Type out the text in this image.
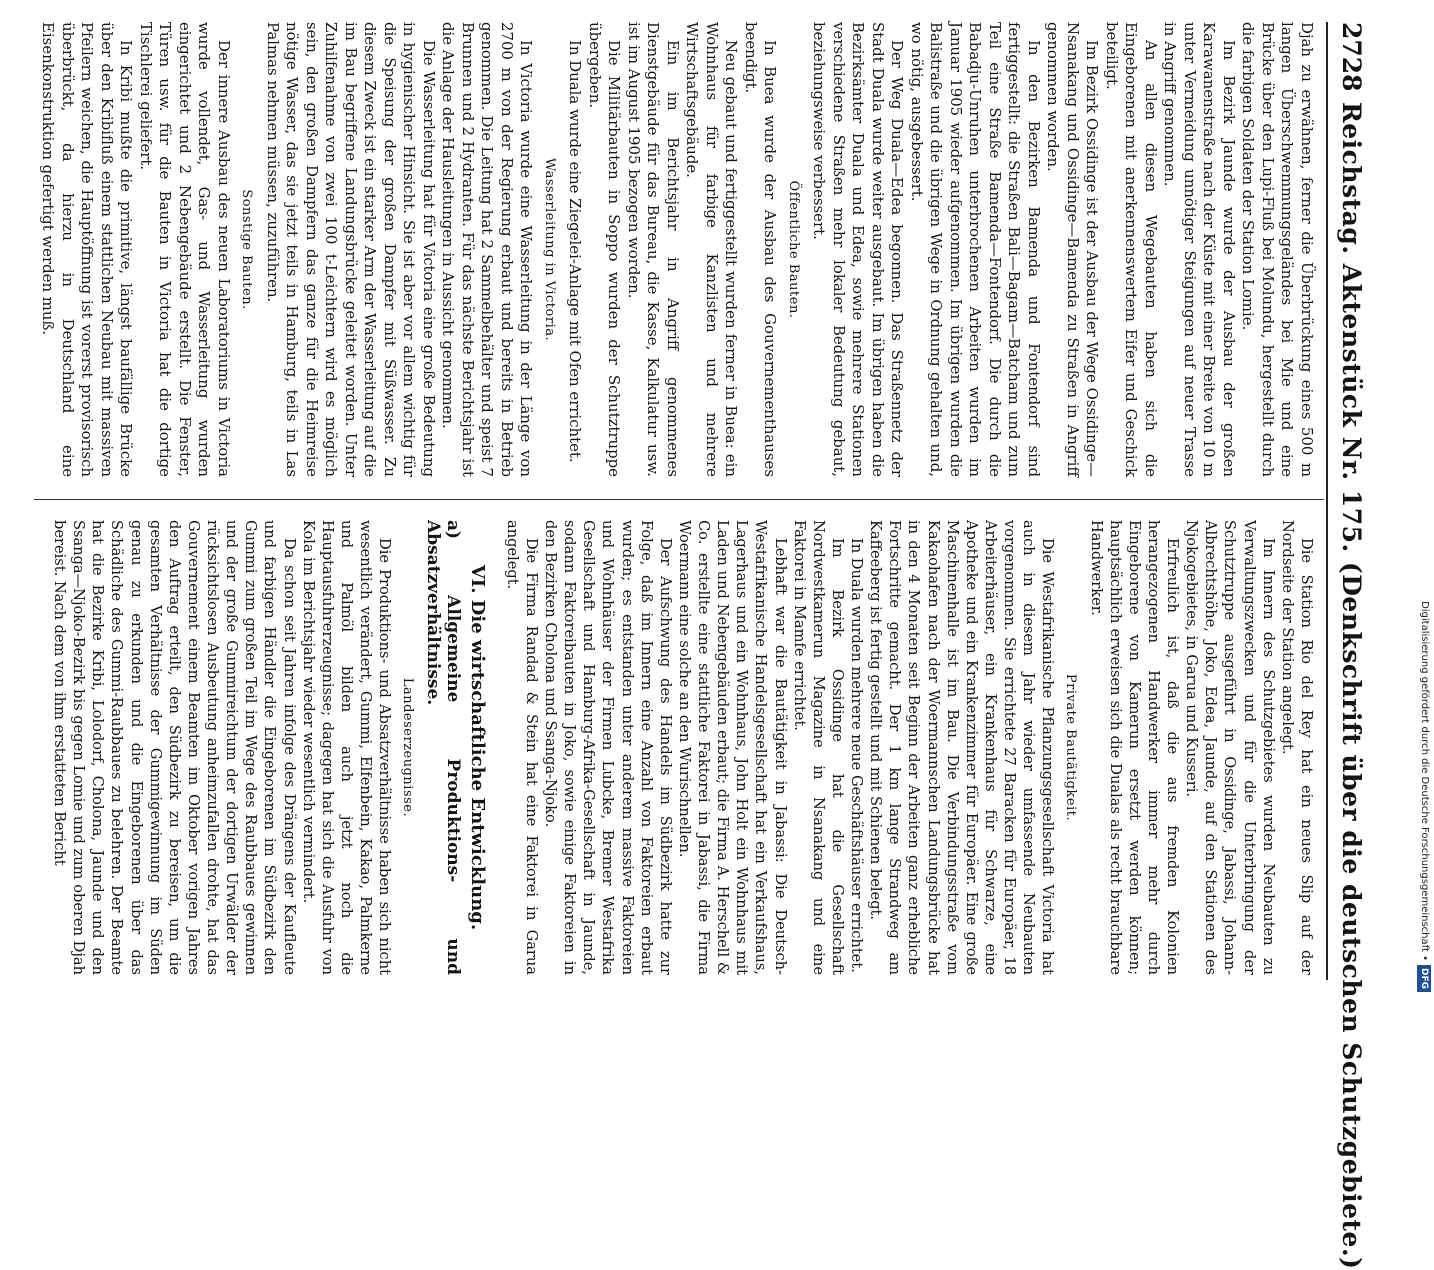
2728
Reichstag. Aktenstück Nr. 175. (Denkschrift über die deutschen Schutzgebiete.)

Djah zu erwähnen, ferner die Überbrückung eines 500 m langen Überschwemmungsgeländes bei Mie und eine Brücke über den Lupi-Fluß bei Molundu, hergestellt durch die farbigen Soldaten der Station Lomie.

Im Bezirk Jaunde wurde der Ausbau der großen Karawanenstraße nach der Küste mit einer Breite von 10 m unter Vermeidung unnötiger Steigungen auf neuer Trasse in Angriff genommen.

An allen diesen Wegebauten haben sich die Eingeborenen mit anerkennenswertem Eifer und Geschick beteiligt.

Im Bezirk Ossidinge ist der Ausbau der Wege Ossidinge—Nsanakang und Ossidinge—Bamenda zu Straßen in Angriff genommen worden.

In den Bezirken Bamenda und Fontendorf sind fertiggestellt: die Straßen Bali—Bagam—Batcham und zum Teil eine Straße Bamenda—Fontendorf. Die durch die Babadju-Unruhen unterbrochenen Arbeiten wurden im Januar 1905 wieder aufgenommen. Im übrigen wurden die Balistraße und die übrigen Wege in Ordnung gehalten und, wo nötig, ausgebessert.

Der Weg Duala—Edea begonnen. Das Straßennetz der Stadt Duala wurde weiter ausgebaut. Im übrigen haben die Bezirksämter Duala und Edea, sowie mehrere Stationen verschiedene Straßen mehr lokaler Bedeutung gebaut, beziehungsweise verbessert.

Öffentliche Bauten.

In Buea wurde der Ausbau des Gouvernementhauses beendigt.

Neu gebaut und fertiggestellt wurden ferner in Buea: ein Wohnhaus für farbige Kanzlisten und mehrere Wirtschaftsgebäude.

Ein im Berichtsjahr in Angriff genommenes Dienstgebäude für das Bureau, die Kasse, Kalkulatur usw. ist im August 1905 bezogen worden.

Die Militärbauten in Soppo wurden der Schutztruppe übergeben.

In Duala wurde eine Ziegelei-Anlage mit Ofen errichtet.

Wasserleitung in Victoria.

In Victoria wurde eine Wasserleitung in der Länge von 2700 m von der Regierung erbaut und bereits in Betrieb genommen. Die Leitung hat 2 Sammelbehälter und speist 7 Brunnen und 2 Hydranten. Für das nächste Berichtsjahr ist die Anlage der Hausleitungen in Aussicht genommen.

Die Wasserleitung hat für Victoria eine große Bedeutung in hygienischer Hinsicht. Sie ist aber vor allem wichtig für die Speisung der großen Dampfer mit Süßwasser. Zu diesem Zweck ist ein starker Arm der Wasserleitung auf die im Bau begriffene Landungsbrücke geleitet worden. Unter Zuhilfenahme von zwei 100 t-Leichtern wird es möglich sein, den großen Dampfern das ganze für die Heimreise nötige Wasser, das sie jetzt teils in Hamburg, teils in Las Palmas nehmen müssen, zuzuführen.

Sonstige Bauten.

Der innere Ausbau des neuen Laboratoriums in Victoria wurde vollendet, Gas- und Wasserleitung wurden eingerichtet und 2 Nebengebäude erstellt. Die Fenster, Türen usw. für die Bauten in Victoria hat die dortige Tischlerei geliefert.

In Kribi mußte die primitive, längst baufällige Brücke über den Kribifluß einem stattlichen Neubau mit massiven Pfeilern weichen, die Hauptöffnung ist vorerst provisorisch überbrückt, da hierzu in Deutschland eine Eisenkonstruktion gefertigt werden muß.

Die Station Rio del Rey hat ein neues Slip auf der Nordseite der Station angelegt.

Im Innern des Schutzgebietes wurden Neubauten zu Verwaltungszwecken und für die Unterbringung der Schutztruppe ausgeführt in Ossidinge, Jabassi, Johann-Albrechtshöhe, Joko, Edea, Jaunde, auf den Stationen des Njokogebietes, in Garua und Kusseri.

Erfreulich ist, daß die aus fremden Kolonien herangezogenen Handwerker immer mehr durch Eingeborene von Kamerun ersetzt werden können; hauptsächlich erweisen sich die Dualas als recht brauchbare Handwerker.

Private Bautätigkeit.

Die Westafrikanische Pflanzungsgesellschaft Victoria hat auch in diesem Jahr wieder umfassende Neubauten vorgenommen. Sie errichtete 27 Baracken für Europäer, 18 Arbeiterhäuser, ein Krankenhaus für Schwarze, eine Apotheke und ein Krankenzimmer für Europäer. Eine große Maschinenhalle ist im Bau. Die Verbindungsstraße vom Kakaohafen nach der Woermannschen Landungsbrücke hat in den 4 Monaten seit Beginn der Arbeiten ganz erhebliche Fortschritte gemacht. Der 1 km lange Strandweg am Kaffeeberg ist fertig gestellt und mit Schienen belegt.

In Duala wurden mehrere neue Geschäftshäuser errichtet.

Im Bezirk Ossidinge hat die Gesellschaft Nordwestkamerun Magazine in Nsanakang und eine Faktorei in Mamfe errichtet.

Lebhaft war die Bautätigkeit in Jabassi: Die Deutsch-Westafrikanische Handelsgesellschaft hat ein Verkaufshaus, Lagerhaus und ein Wohnhaus, John Holt ein Wohnhaus mit Laden und Nebengebäuden erbaut; die Firma A. Herschell & Co. erstellte eine stattliche Faktorei in Jabassi, die Firma Woermann eine solche an den Wurischnellen.

Der Aufschwung des Handels im Südbezirk hatte zur Folge, daß im Innern eine Anzahl von Faktoreien erbaut wurden; es entstanden unter anderem massive Faktoreien und Wohnhäuser der Firmen Lubcke, Bremer Westafrika Gesellschaft und Hamburg-Afrika-Gesellschaft in Jaunde, sodann Faktoreibauten in Joko, sowie einige Faktoreien in den Bezirken Cholona und Ssanga-Njoko.

Die Firma Randad & Stein hat eine Faktorei in Garua angelegt.

VI. Die wirtschaftliche Entwicklung.

a) Allgemeine Produktions- und Absatzverhältnisse.

Landeserzeugnisse.

Die Produktions- und Absatzverhältnisse haben sich nicht wesentlich verändert, Gummi, Elfenbein, Kakao, Palmkerne und Palmöl bilden auch jetzt noch die Hauptausfuhrerzeugnisse; dagegen hat sich die Ausfuhr von Kola im Berichtsjahr wieder wesentlich vermindert.

Da schon seit Jahren infolge des Drängens der Kaufleute und farbigen Händler die Eingeborenen im Südbezirk den Gummi zum großen Teil im Wege des Raubbaues gewinnen und der große Gummireichtum der dortigen Urwälder der rücksichtslosen Ausbeutung anheimzufallen drohte, hat das Gouvernement einem Beamten im Oktober vorigen Jahres den Auftrag erteilt, den Südbezirk zu bereisen, um die gesamten Verhältnisse der Gummigewinnung im Süden genau zu erkunden und die Eingeborenen über das Schädliche des Gummi-Raubbaues zu belehren. Der Beamte hat die Bezirke Kribi, Lolodorf, Cholona, Jaunde und den Ssanga—Njoko-Bezirk bis gegen Lomie und zum oberen Djah bereist. Nach dem von ihm erstatteten Bericht	Digitalisierung gefördert durch die Deutsche Forschungsgemeinschaft •DFG
